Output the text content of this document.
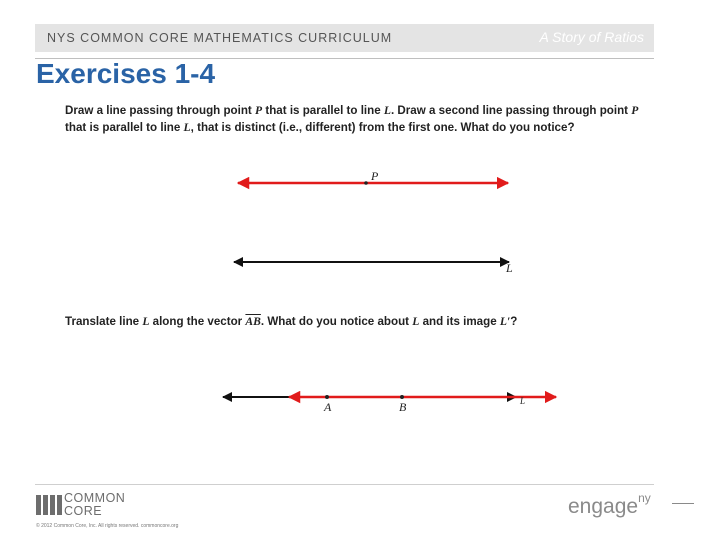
NYS COMMON CORE MATHEMATICS CURRICULUM	A Story of Ratios
Exercises 1-4
Draw a line passing through point P that is parallel to line L. Draw a second line passing through point P that is parallel to line L, that is distinct (i.e., different) from the first one. What do you notice?
Translate line L along the vector $\overline{AB}$. What do you notice about L and its image L′?
P
L
A	B	L
COMMON
CORE
© 2012 Common Core, Inc. All rights reserved. commoncore.org
engage$^{ny}$
